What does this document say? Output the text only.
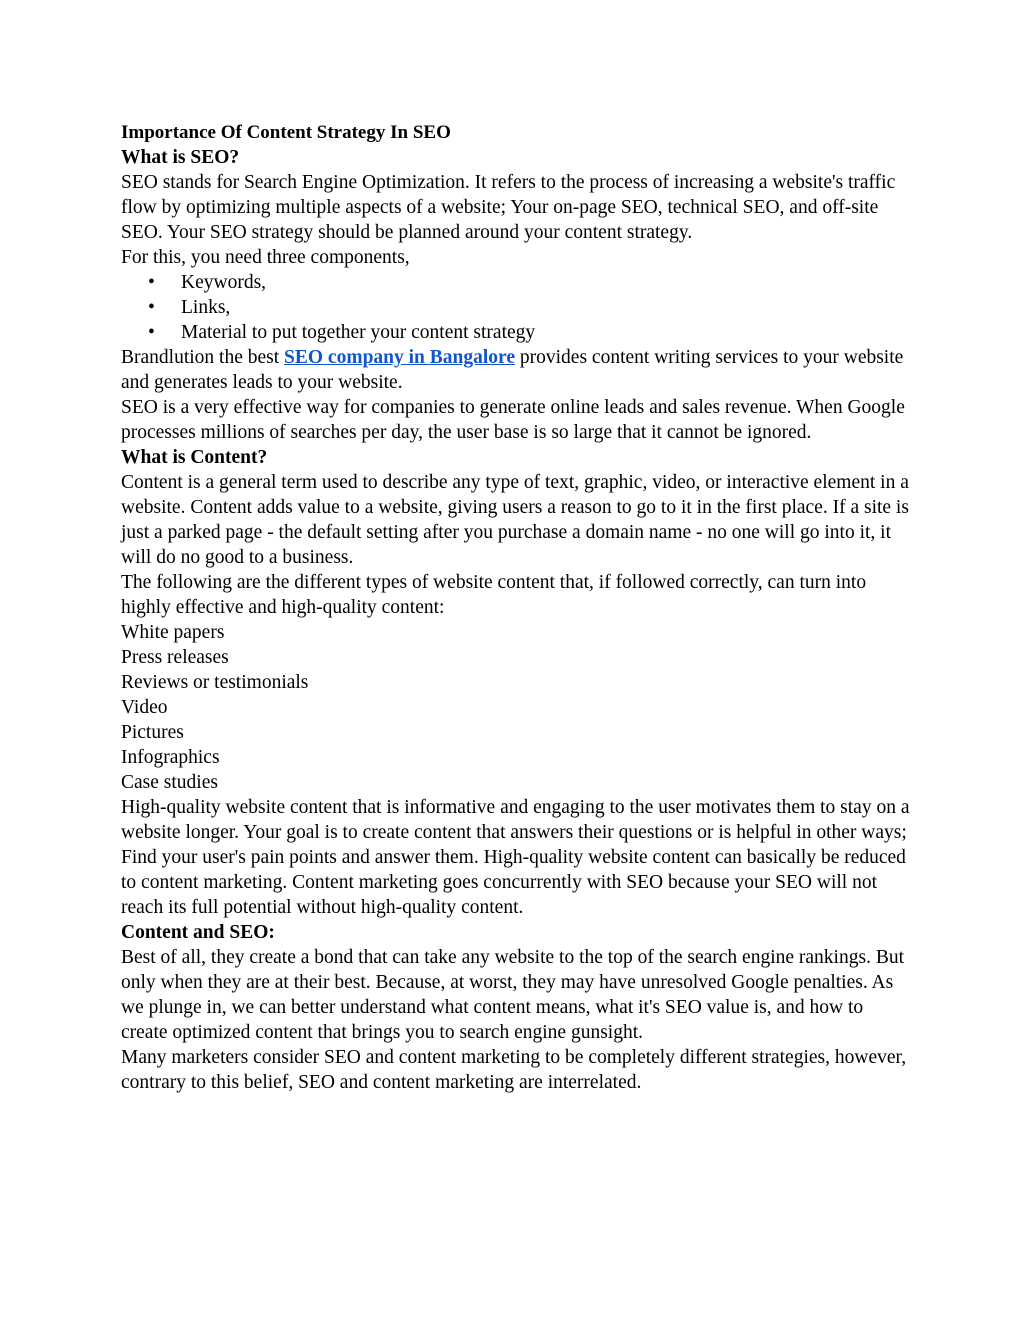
Importance Of Content Strategy In SEO

What is SEO?

SEO stands for Search Engine Optimization. It refers to the process of increasing a website's traffic flow by optimizing multiple aspects of a website; Your on-page SEO, technical SEO, and off-site SEO. Your SEO strategy should be planned around your content strategy.

For this, you need three components,

• Keywords,
• Links,
• Material to put together your content strategy

Brandlution the best SEO company in Bangalore provides content writing services to your website and generates leads to your website.

SEO is a very effective way for companies to generate online leads and sales revenue. When Google processes millions of searches per day, the user base is so large that it cannot be ignored.

What is Content?

Content is a general term used to describe any type of text, graphic, video, or interactive element in a website. Content adds value to a website, giving users a reason to go to it in the first place. If a site is just a parked page - the default setting after you purchase a domain name - no one will go into it, it will do no good to a business.

The following are the different types of website content that, if followed correctly, can turn into highly effective and high-quality content:

White papers

Press releases

Reviews or testimonials

Video

Pictures

Infographics

Case studies

High-quality website content that is informative and engaging to the user motivates them to stay on a website longer. Your goal is to create content that answers their questions or is helpful in other ways; Find your user's pain points and answer them. High-quality website content can basically be reduced to content marketing. Content marketing goes concurrently with SEO because your SEO will not reach its full potential without high-quality content.

Content and SEO:

Best of all, they create a bond that can take any website to the top of the search engine rankings. But only when they are at their best. Because, at worst, they may have unresolved Google penalties. As we plunge in, we can better understand what content means, what it's SEO value is, and how to create optimized content that brings you to search engine gunsight.

Many marketers consider SEO and content marketing to be completely different strategies, however, contrary to this belief, SEO and content marketing are interrelated.
